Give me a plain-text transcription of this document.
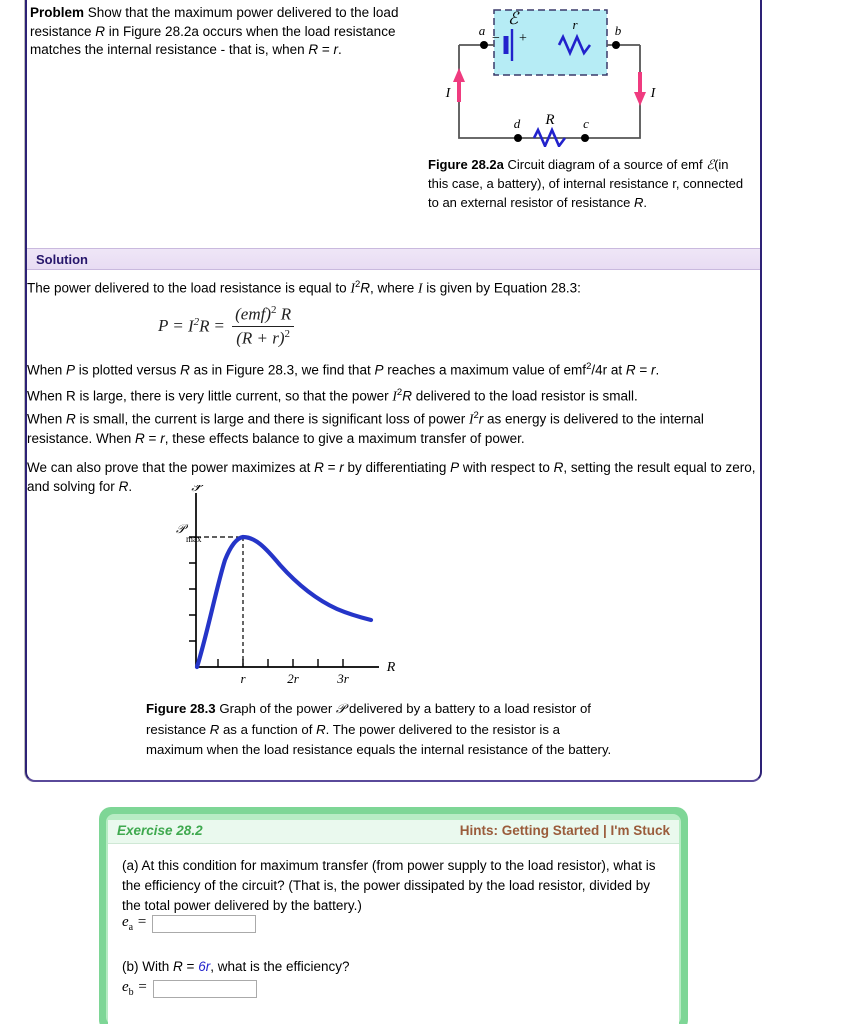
Problem Show that the maximum power delivered to the load resistance R in Figure 28.2a occurs when the load resistance matches the internal resistance - that is, when R = r.
ℰ
− +
r
R
a	b
c
d
I	I
Figure 28.2a Circuit diagram of a source of emf ℰ(in this case, a battery), of internal resistance r, connected to an external resistor of resistance R.
Solution
The power delivered to the load resistance is equal to $I^2R$, where I is given by Equation 28.3:
$P = I^2R = \frac{(emf)^2 R}{(R + r)^2}$
When P is plotted versus R as in Figure 28.3, we find that P reaches a maximum value of emf$^2$/4r at R = r.
When R is large, there is very little current, so that the power $I^2R$ delivered to the load resistor is small.
When R is small, the current is large and there is significant loss of power $I^2r$ as energy is delivered to the internal resistance. When R = r, these effects balance to give a maximum transfer of power.
We can also prove that the power maximizes at R = r by differentiating P with respect to R, setting the result equal to zero, and solving for R.	𝒫
R
𝒫
max
r	2r	3r
Figure 28.3 Graph of the power 𝒫 delivered by a battery to a load resistor of resistance R as a function of R. The power delivered to the resistor is a maximum when the load resistance equals the internal resistance of the battery.
Exercise 28.2	Hints: Getting Started | I'm Stuck
(a) At this condition for maximum transfer (from power supply to the load resistor), what is the efficiency of the circuit? (That is, the power dissipated by the load resistor, divided by the total power delivered by the battery.)
$e_a$ =
(b) With R = 6r, what is the efficiency?
$e_b$ =
